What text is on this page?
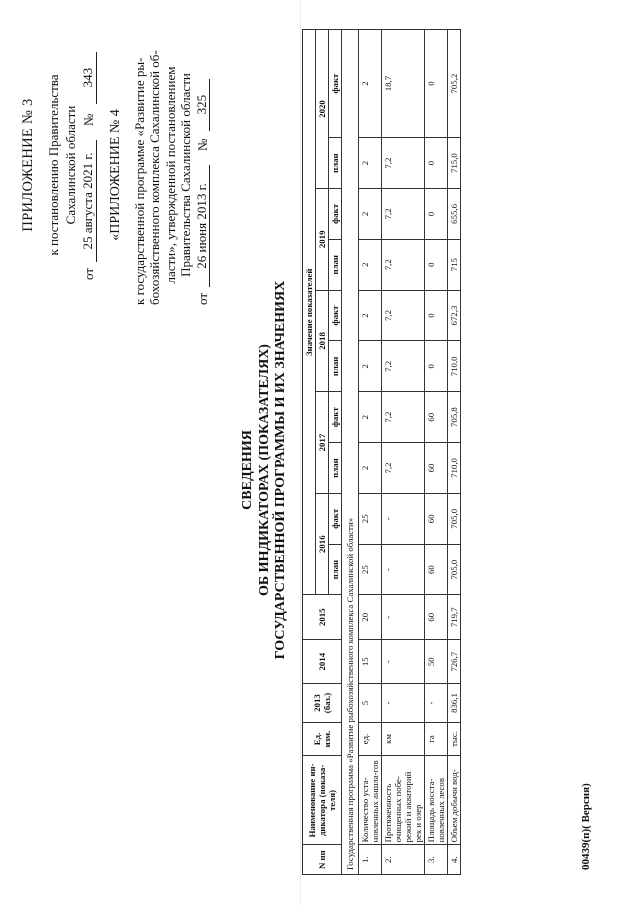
ПРИЛОЖЕНИЕ № 3 к постановлению Правительства Сахалинской области
от
25 августа 2021 г.
№
343
«ПРИЛОЖЕНИЕ № 4 к государственной программе «Развитие ры- бохозяйственного комплекса Сахалинской об- ласти», утвержденной постановлением Правительства Сахалинской области
от
26 июня 2013 г.
№
325
СВЕДЕНИЯ ОБ ИНДИКАТОРАХ (ПОКАЗАТЕЛЯХ) ГОСУДАРСТВЕННОЙ ПРОГРАММЫ И ИХ ЗНАЧЕНИЯХ
N пп	Наименование ин-дикатора (показа-теля)	Ед. изм.	2013 (баз.)	2014	2015	Значение показателей									
						2016		2017		2018		2019		2020	
						план	факт	план	факт	план	факт	план	факт	план	факт
Государственная программа «Развитие рыбохозяйственного комплекса Сахалинской области»															
1.	Количество уста-новленных аншла-гов	ед.	5	15	20	25	25	2	2	2	2	2	2	2	2
2.	Протяженность очищенных побе-режий и акваторий рек и озер	км	-	-	-	-	-	7,2	7,2	7,2	7,2	7,2	7,2	7,2	18,7
3.	Площадь восста-новленных лесов	га	-	50	60	60	60	60	60	0	0	0	0	0	0
4.	Объем добычи вод-	тыс.	836,1	726,7	719,7	705,0	705,0	710,0	705,8	710,0	672,3	715	655,6	715,0	705,2
00439(п)( Версия)
